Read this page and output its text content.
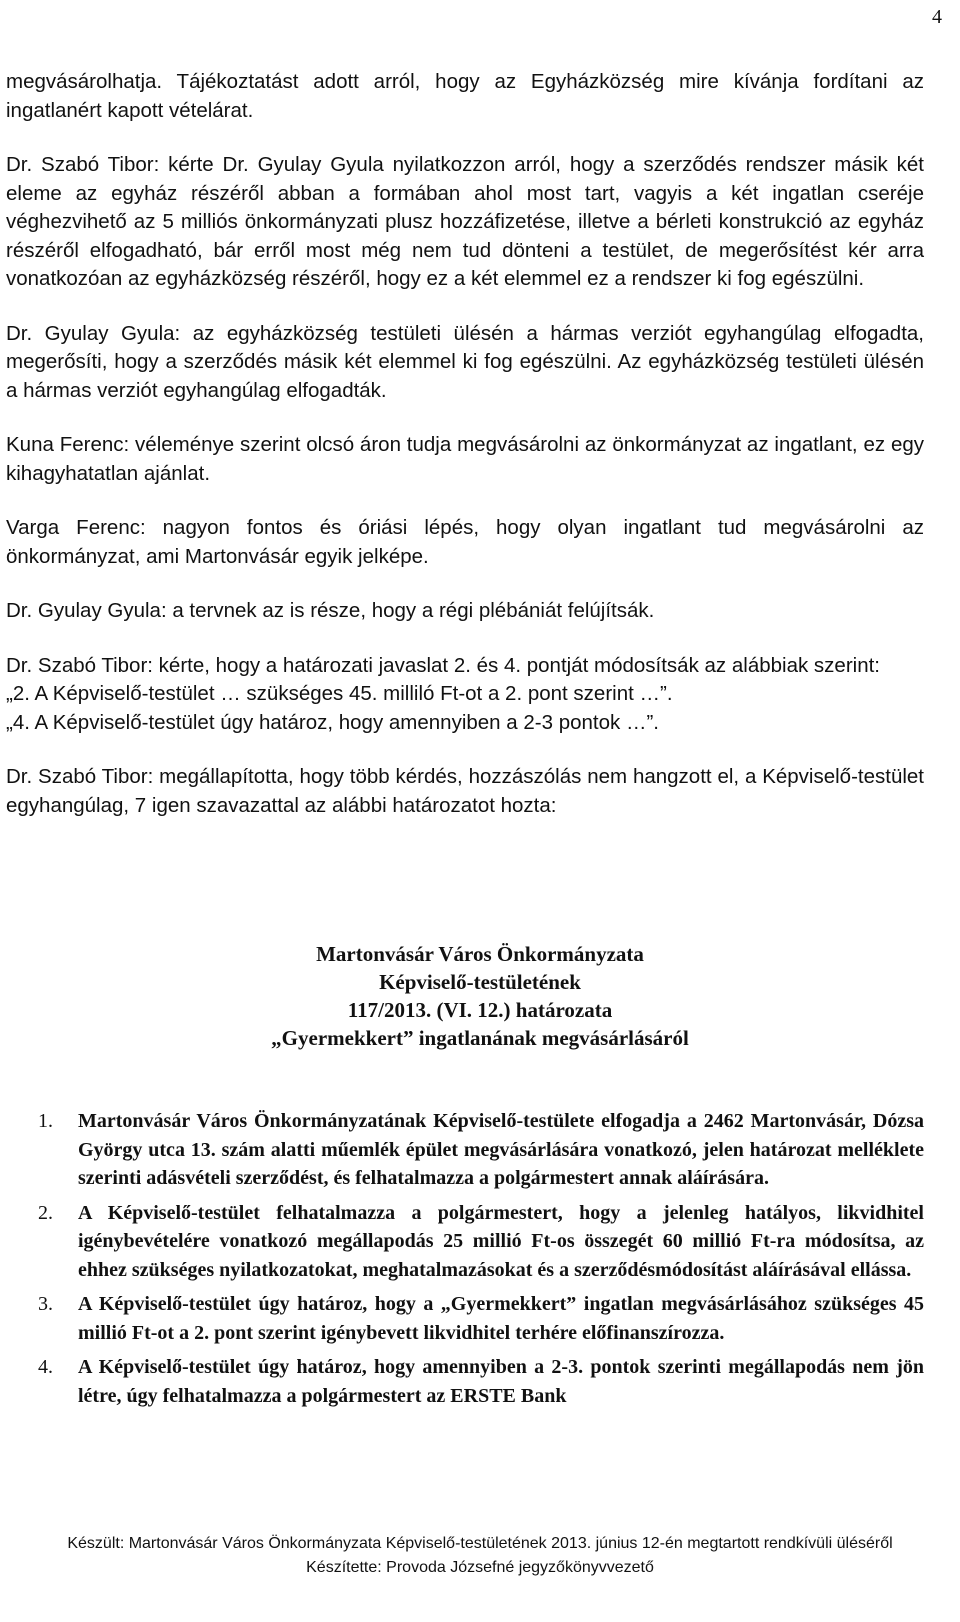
4

megvásárolhatja. Tájékoztatást adott arról, hogy az Egyházközség mire kívánja fordítani az ingatlanért kapott vételárat.

Dr. Szabó Tibor: kérte Dr. Gyulay Gyula nyilatkozzon arról, hogy a szerződés rendszer másik két eleme az egyház részéről abban a formában ahol most tart, vagyis a két ingatlan cseréje véghezvihető az 5 milliós önkormányzati plusz hozzáfizetése, illetve a bérleti konstrukció az egyház részéről elfogadható, bár erről most még nem tud dönteni a testület, de megerősítést kér arra vonatkozóan az egyházközség részéről, hogy ez a két elemmel ez a rendszer ki fog egészülni.

Dr. Gyulay Gyula: az egyházközség testületi ülésén a hármas verziót egyhangúlag elfogadta, megerősíti, hogy a szerződés másik két elemmel ki fog egészülni. Az egyházközség testületi ülésén a hármas verziót egyhangúlag elfogadták.

Kuna Ferenc: véleménye szerint olcsó áron tudja megvásárolni az önkormányzat az ingatlant, ez egy kihagyhatatlan ajánlat.

Varga Ferenc: nagyon fontos és óriási lépés, hogy olyan ingatlant tud megvásárolni az önkormányzat, ami Martonvásár egyik jelképe.

Dr. Gyulay Gyula: a tervnek az is része, hogy a régi plébániát felújítsák.

Dr. Szabó Tibor: kérte, hogy a határozati javaslat 2. és 4. pontját módosítsák az alábbiak szerint:

„2. A Képviselő-testület … szükséges 45. milliló Ft-ot a 2. pont szerint …”.

„4. A Képviselő-testület úgy határoz, hogy amennyiben a 2-3 pontok …”.

Dr. Szabó Tibor: megállapította, hogy több kérdés, hozzászólás nem hangzott el, a Képviselő-testület egyhangúlag, 7 igen szavazattal az alábbi határozatot hozta:

Martonvásár Város Önkormányzata
Képviselő-testületének
117/2013. (VI. 12.) határozata
„Gyermekkert” ingatlanának megvásárlásáról
1. Martonvásár Város Önkormányzatának Képviselő-testülete elfogadja a 2462 Martonvásár, Dózsa György utca 13. szám alatti műemlék épület megvásárlására vonatkozó, jelen határozat melléklete szerinti adásvételi szerződést, és felhatalmazza a polgármestert annak aláírására.
2. A Képviselő-testület felhatalmazza a polgármestert, hogy a jelenleg hatályos, likvidhitel igénybevételére vonatkozó megállapodás 25 millió Ft-os összegét 60 millió Ft-ra módosítsa, az ehhez szükséges nyilatkozatokat, meghatalmazásokat és a szerződésmódosítást aláírásával ellássa.
3. A Képviselő-testület úgy határoz, hogy a „Gyermekkert” ingatlan megvásárlásához szükséges 45 millió Ft-ot a 2. pont szerint igénybevett likvidhitel terhére előfinanszírozza.
4. A Képviselő-testület úgy határoz, hogy amennyiben a 2-3. pontok szerinti megállapodás nem jön létre, úgy felhatalmazza a polgármestert az ERSTE Bank
Készült: Martonvásár Város Önkormányzata Képviselő-testületének 2013. június 12-én megtartott rendkívüli üléséről
Készítette: Provoda Józsefné jegyzőkönyvvezető
